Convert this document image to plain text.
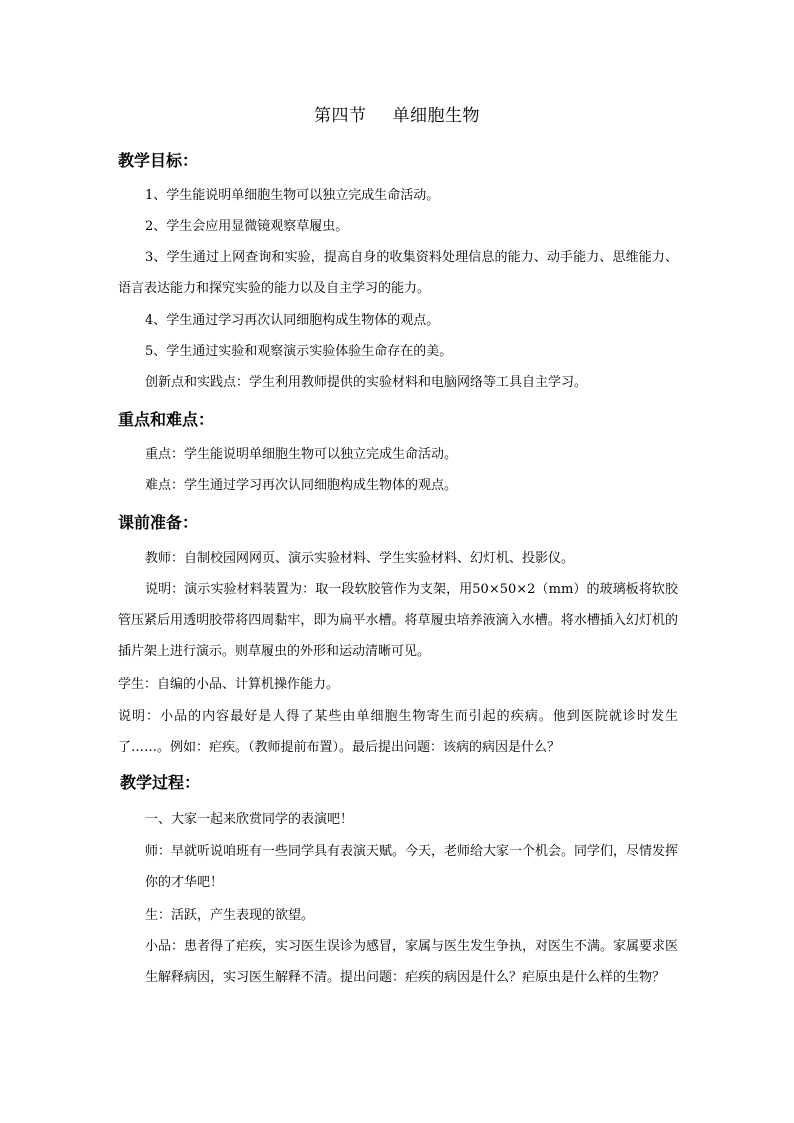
第四节 单细胞生物
教学目标：
1、学生能说明单细胞生物可以独立完成生命活动。
2、学生会应用显微镜观察草履虫。
3、学生通过上网查询和实验，提高自身的收集资料处理信息的能力、动手能力、思维能力、语言表达能力和探究实验的能力以及自主学习的能力。
4、学生通过学习再次认同细胞构成生物体的观点。
5、学生通过实验和观察演示实验体验生命存在的美。
创新点和实践点：学生利用教师提供的实验材料和电脑网络等工具自主学习。
重点和难点：
重点：学生能说明单细胞生物可以独立完成生命活动。
难点：学生通过学习再次认同细胞构成生物体的观点。
课前准备：
教师：自制校园网网页、演示实验材料、学生实验材料、幻灯机、投影仪。
说明：演示实验材料装置为：取一段软胶管作为支架，用50×50×2（mm）的玻璃板将软胶管压紧后用透明胶带将四周黏牢，即为扁平水槽。将草履虫培养液滴入水槽。将水槽插入幻灯机的插片架上进行演示。则草履虫的外形和运动清晰可见。
学生：自编的小品、计算机操作能力。
说明：小品的内容最好是人得了某些由单细胞生物寄生而引起的疾病。他到医院就诊时发生了……。例如：疟疾。（教师提前布置）。最后提出问题：该病的病因是什么？
教学过程：
一、大家一起来欣赏同学的表演吧！
师：早就听说咱班有一些同学具有表演天赋。今天，老师给大家一个机会。同学们，尽情发挥你的才华吧！
生：活跃，产生表现的欲望。
小品：患者得了疟疾，实习医生误诊为感冒，家属与医生发生争执，对医生不满。家属要求医生解释病因，实习医生解释不清。提出问题：疟疾的病因是什么？疟原虫是什么样的生物？
